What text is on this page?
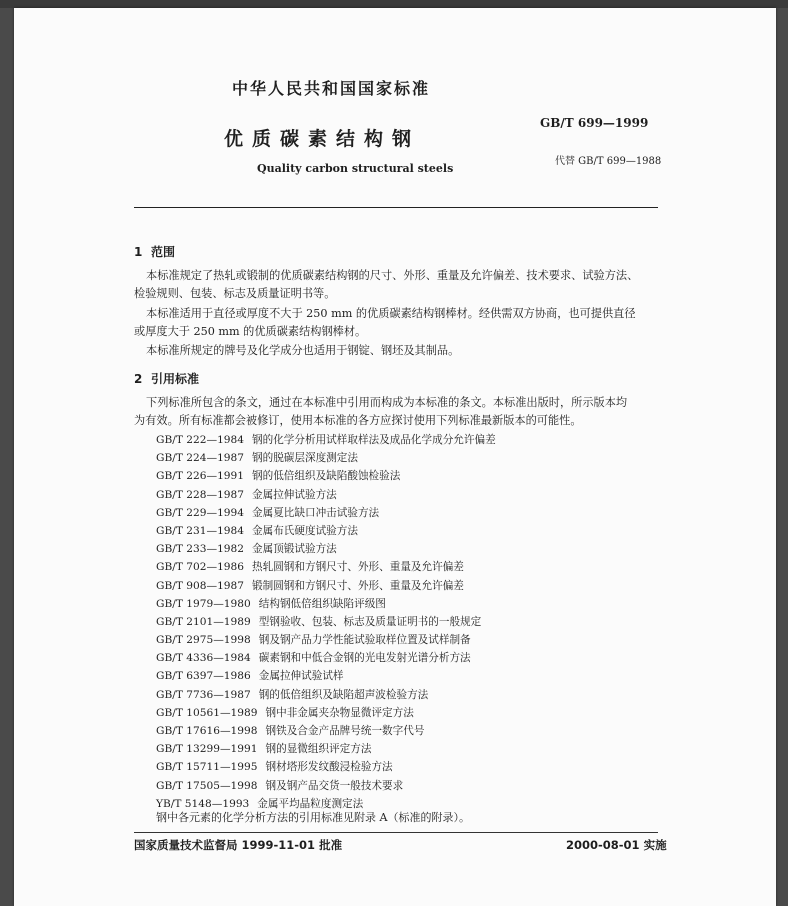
中华人民共和国国家标准
优质碳素结构钢
Quality carbon structural steels
GB/T 699—1999
代替 GB/T 699—1988
1 范围
本标准规定了热轧或锻制的优质碳素结构钢的尺寸、外形、重量及允许偏差、技术要求、试验方法、
检验规则、包装、标志及质量证明书等。
本标准适用于直径或厚度不大于 250 mm 的优质碳素结构钢棒材。经供需双方协商，也可提供直径
或厚度大于 250 mm 的优质碳素结构钢棒材。
本标准所规定的牌号及化学成分也适用于钢锭、钢坯及其制品。
2 引用标准
下列标准所包含的条文，通过在本标准中引用而构成为本标准的条文。本标准出版时，所示版本均
为有效。所有标准都会被修订，使用本标准的各方应探讨使用下列标准最新版本的可能性。
GB/T 222—1984 钢的化学分析用试样取样法及成品化学成分允许偏差
GB/T 224—1987 钢的脱碳层深度测定法
GB/T 226—1991 钢的低倍组织及缺陷酸蚀检验法
GB/T 228—1987 金属拉伸试验方法
GB/T 229—1994 金属夏比缺口冲击试验方法
GB/T 231—1984 金属布氏硬度试验方法
GB/T 233—1982 金属顶锻试验方法
GB/T 702—1986 热轧圆钢和方钢尺寸、外形、重量及允许偏差
GB/T 908—1987 锻制圆钢和方钢尺寸、外形、重量及允许偏差
GB/T 1979—1980 结构钢低倍组织缺陷评级图
GB/T 2101—1989 型钢验收、包装、标志及质量证明书的一般规定
GB/T 2975—1998 钢及钢产品力学性能试验取样位置及试样制备
GB/T 4336—1984 碳素钢和中低合金钢的光电发射光谱分析方法
GB/T 6397—1986 金属拉伸试验试样
GB/T 7736—1987 钢的低倍组织及缺陷超声波检验方法
GB/T 10561—1989 钢中非金属夹杂物显微评定方法
GB/T 17616—1998 钢铁及合金产品牌号统一数字代号
GB/T 13299—1991 钢的显微组织评定方法
GB/T 15711—1995 钢材塔形发纹酸浸检验方法
GB/T 17505—1998 钢及钢产品交货一般技术要求
YB/T 5148—1993 金属平均晶粒度测定法
钢中各元素的化学分析方法的引用标准见附录 A（标准的附录）。
国家质量技术监督局 1999-11-01 批准	2000-08-01 实施
